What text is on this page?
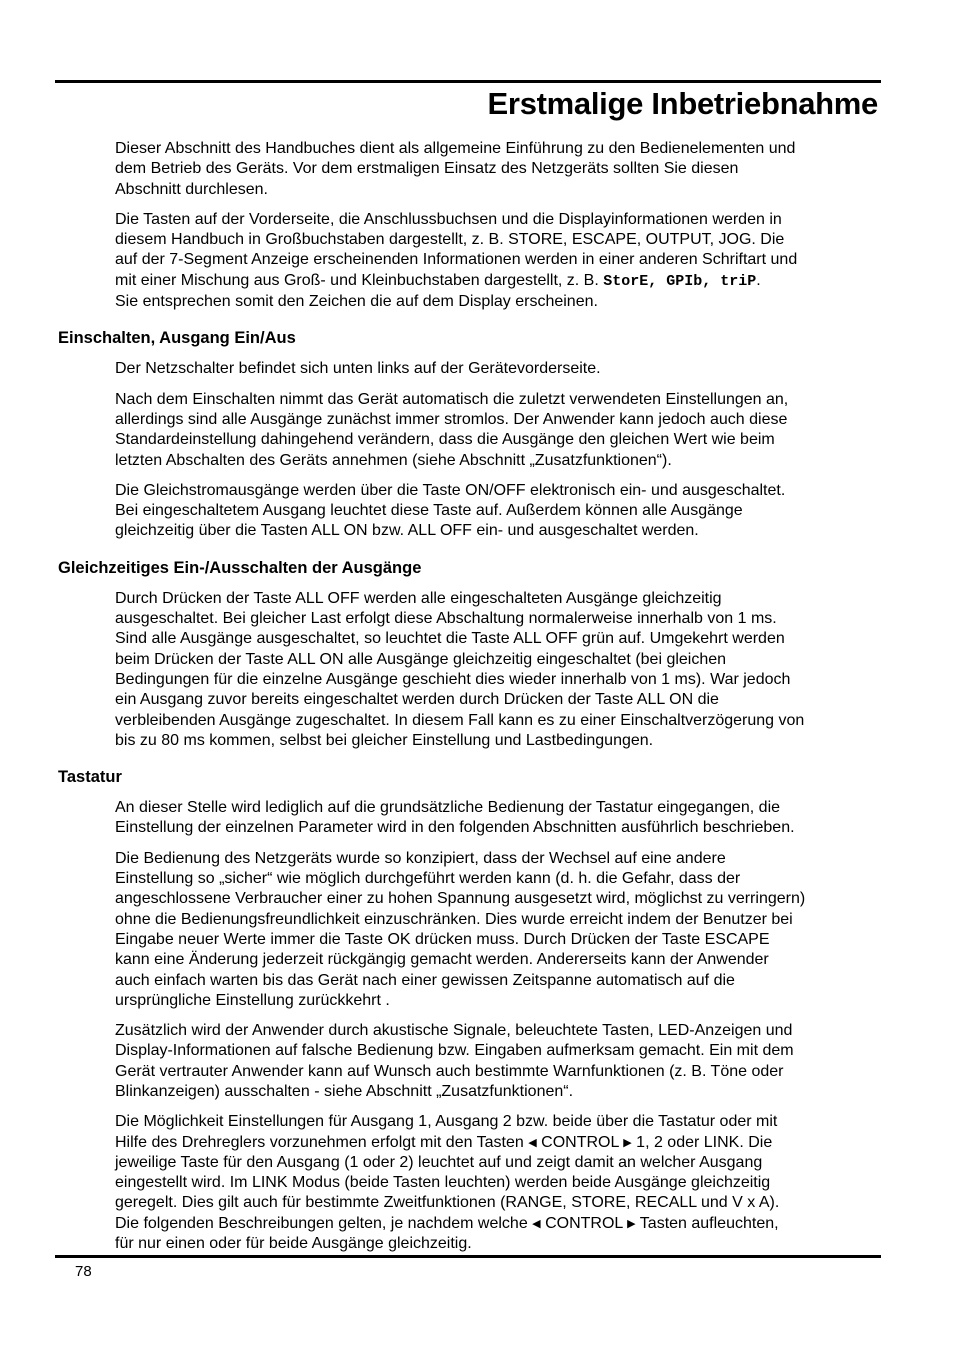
Erstmalige Inbetriebnahme
Dieser Abschnitt des Handbuches dient als allgemeine Einführung zu den Bedienelementen und
dem Betrieb des Geräts. Vor dem erstmaligen Einsatz des Netzgeräts sollten Sie diesen
Abschnitt durchlesen.
Die Tasten auf der Vorderseite, die Anschlussbuchsen und die Displayinformationen werden in
diesem Handbuch in Großbuchstaben dargestellt, z. B. STORE, ESCAPE, OUTPUT, JOG. Die
auf der 7-Segment Anzeige erscheinenden Informationen werden in einer anderen Schriftart und
mit einer Mischung aus Groß- und Kleinbuchstaben dargestellt, z. B. StorE, GPIb, triP.
Sie entsprechen somit den Zeichen die auf dem Display erscheinen.
Einschalten, Ausgang Ein/Aus
Der Netzschalter befindet sich unten links auf der Gerätevorderseite.
Nach dem Einschalten nimmt das Gerät automatisch die zuletzt verwendeten Einstellungen an,
allerdings sind alle Ausgänge zunächst immer stromlos. Der Anwender kann jedoch auch diese
Standardeinstellung dahingehend verändern, dass die Ausgänge den gleichen Wert wie beim
letzten Abschalten des Geräts annehmen (siehe Abschnitt „Zusatzfunktionen“).
Die Gleichstromausgänge werden über die Taste ON/OFF elektronisch ein- und ausgeschaltet.
Bei eingeschaltetem Ausgang leuchtet diese Taste auf. Außerdem können alle Ausgänge
gleichzeitig über die Tasten ALL ON bzw. ALL OFF ein- und ausgeschaltet werden.
Gleichzeitiges Ein-/Ausschalten der Ausgänge
Durch Drücken der Taste ALL OFF werden alle eingeschalteten Ausgänge gleichzeitig
ausgeschaltet. Bei gleicher Last erfolgt diese Abschaltung normalerweise innerhalb von 1 ms.
Sind alle Ausgänge ausgeschaltet, so leuchtet die Taste ALL OFF grün auf. Umgekehrt werden
beim Drücken der Taste ALL ON alle Ausgänge gleichzeitig eingeschaltet (bei gleichen
Bedingungen für die einzelne Ausgänge geschieht dies wieder innerhalb von 1 ms). War jedoch
ein Ausgang zuvor bereits eingeschaltet werden durch Drücken der Taste ALL ON die
verbleibenden Ausgänge zugeschaltet. In diesem Fall kann es zu einer Einschaltverzögerung von
bis zu 80 ms kommen, selbst bei gleicher Einstellung und Lastbedingungen.
Tastatur
An dieser Stelle wird lediglich auf die grundsätzliche Bedienung der Tastatur eingegangen, die
Einstellung der einzelnen Parameter wird in den folgenden Abschnitten ausführlich beschrieben.
Die Bedienung des Netzgeräts wurde so konzipiert, dass der Wechsel auf eine andere
Einstellung so „sicher“ wie möglich durchgeführt werden kann (d. h. die Gefahr, dass der
angeschlossene Verbraucher einer zu hohen Spannung ausgesetzt wird, möglichst zu verringern)
ohne die Bedienungsfreundlichkeit einzuschränken. Dies wurde erreicht indem der Benutzer bei
Eingabe neuer Werte immer die Taste OK drücken muss. Durch Drücken der Taste ESCAPE
kann eine Änderung jederzeit rückgängig gemacht werden. Andererseits kann der Anwender
auch einfach warten bis das Gerät nach einer gewissen Zeitspanne automatisch auf die
ursprüngliche Einstellung zurückkehrt .
Zusätzlich wird der Anwender durch akustische Signale, beleuchtete Tasten, LED-Anzeigen und
Display-Informationen auf falsche Bedienung bzw. Eingaben aufmerksam gemacht. Ein mit dem
Gerät vertrauter Anwender kann auf Wunsch auch bestimmte Warnfunktionen (z. B. Töne oder
Blinkanzeigen) ausschalten - siehe Abschnitt „Zusatzfunktionen“.
Die Möglichkeit Einstellungen für Ausgang 1, Ausgang 2 bzw. beide über die Tastatur oder mit
Hilfe des Drehreglers vorzunehmen erfolgt mit den Tasten ◀ CONTROL ▶ 1, 2 oder LINK. Die
jeweilige Taste für den Ausgang (1 oder 2) leuchtet auf und zeigt damit an welcher Ausgang
eingestellt wird. Im LINK Modus (beide Tasten leuchten) werden beide Ausgänge gleichzeitig
geregelt. Dies gilt auch für bestimmte Zweitfunktionen (RANGE, STORE, RECALL und V x A).
Die folgenden Beschreibungen gelten, je nachdem welche ◀ CONTROL ▶ Tasten aufleuchten,
für nur einen oder für beide Ausgänge gleichzeitig.
78
